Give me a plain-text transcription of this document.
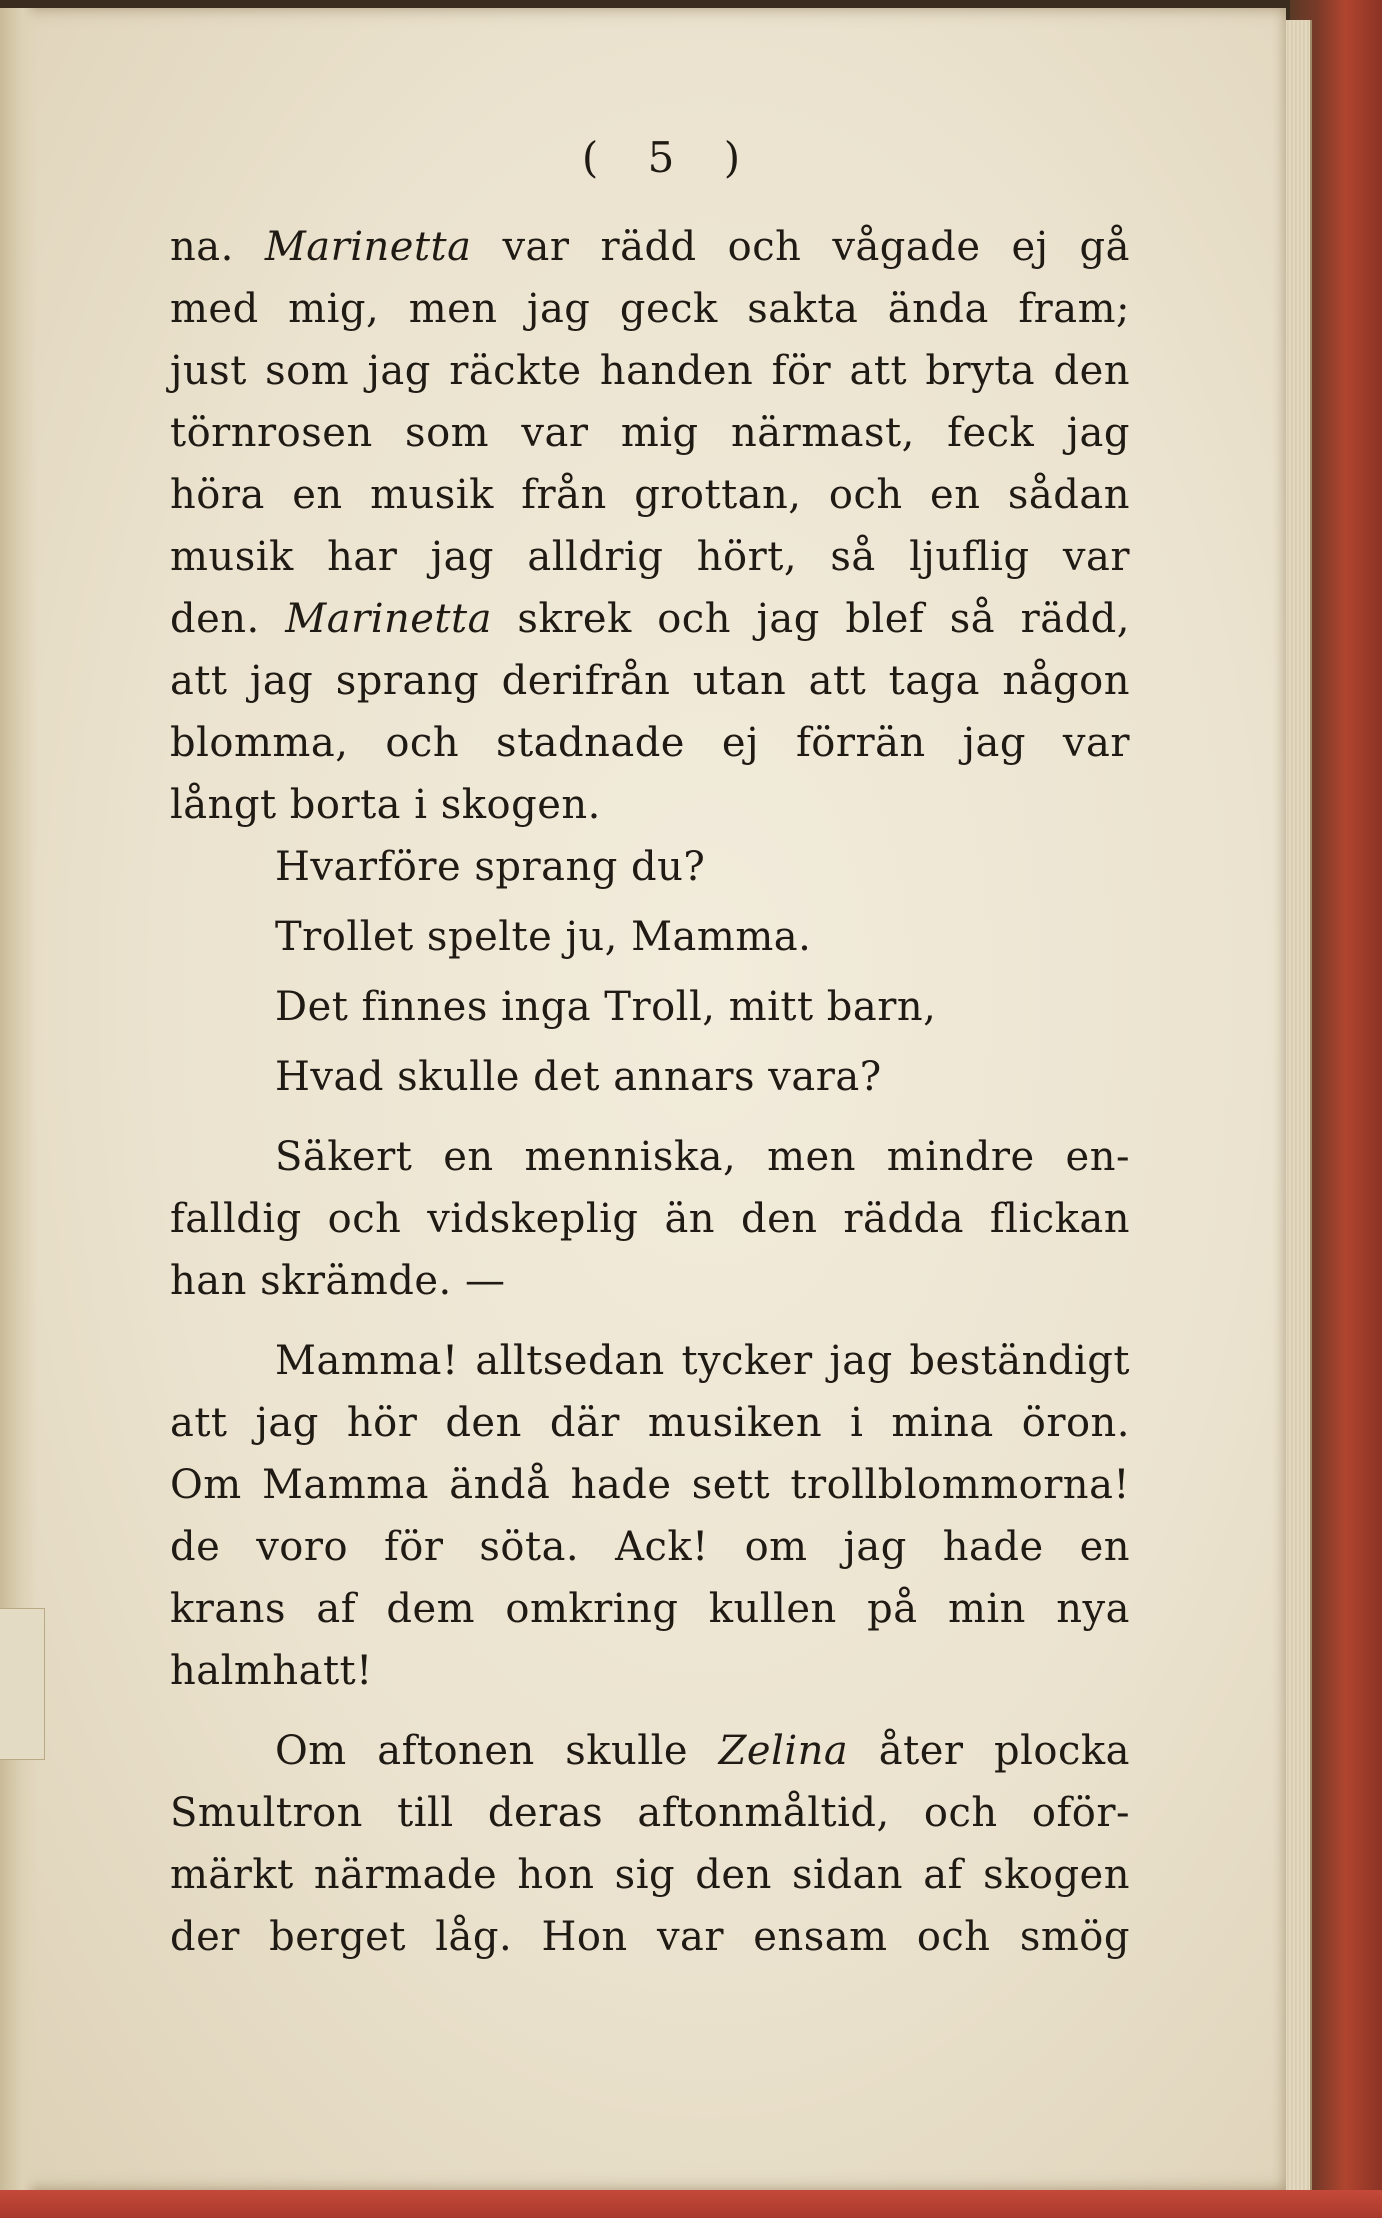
( 5 )
na. Marinetta var rädd och vågade ej gå
med mig, men jag geck sakta ända fram;
just som jag räckte handen för att bryta den
törnrosen som var mig närmast, feck jag
höra en musik från grottan, och en sådan
musik har jag alldrig hört, så ljuflig var
den. Marinetta skrek och jag blef så rädd,
att jag sprang derifrån utan att taga någon
blomma, och stadnade ej förrän jag var
långt borta i skogen.
Hvarföre sprang du?
Trollet spelte ju, Mamma.
Det finnes inga Troll, mitt barn,
Hvad skulle det annars vara?
Säkert en menniska, men mindre en-
falldig och vidskeplig än den rädda flickan
han skrämde. —
Mamma! alltsedan tycker jag beständigt
att jag hör den där musiken i mina öron.
Om Mamma ändå hade sett trollblommorna!
de voro för söta. Ack! om jag hade en
krans af dem omkring kullen på min nya
halmhatt!
Om aftonen skulle Zelina åter plocka
Smultron till deras aftonmåltid, och oför-
märkt närmade hon sig den sidan af skogen
der berget låg. Hon var ensam och smög
